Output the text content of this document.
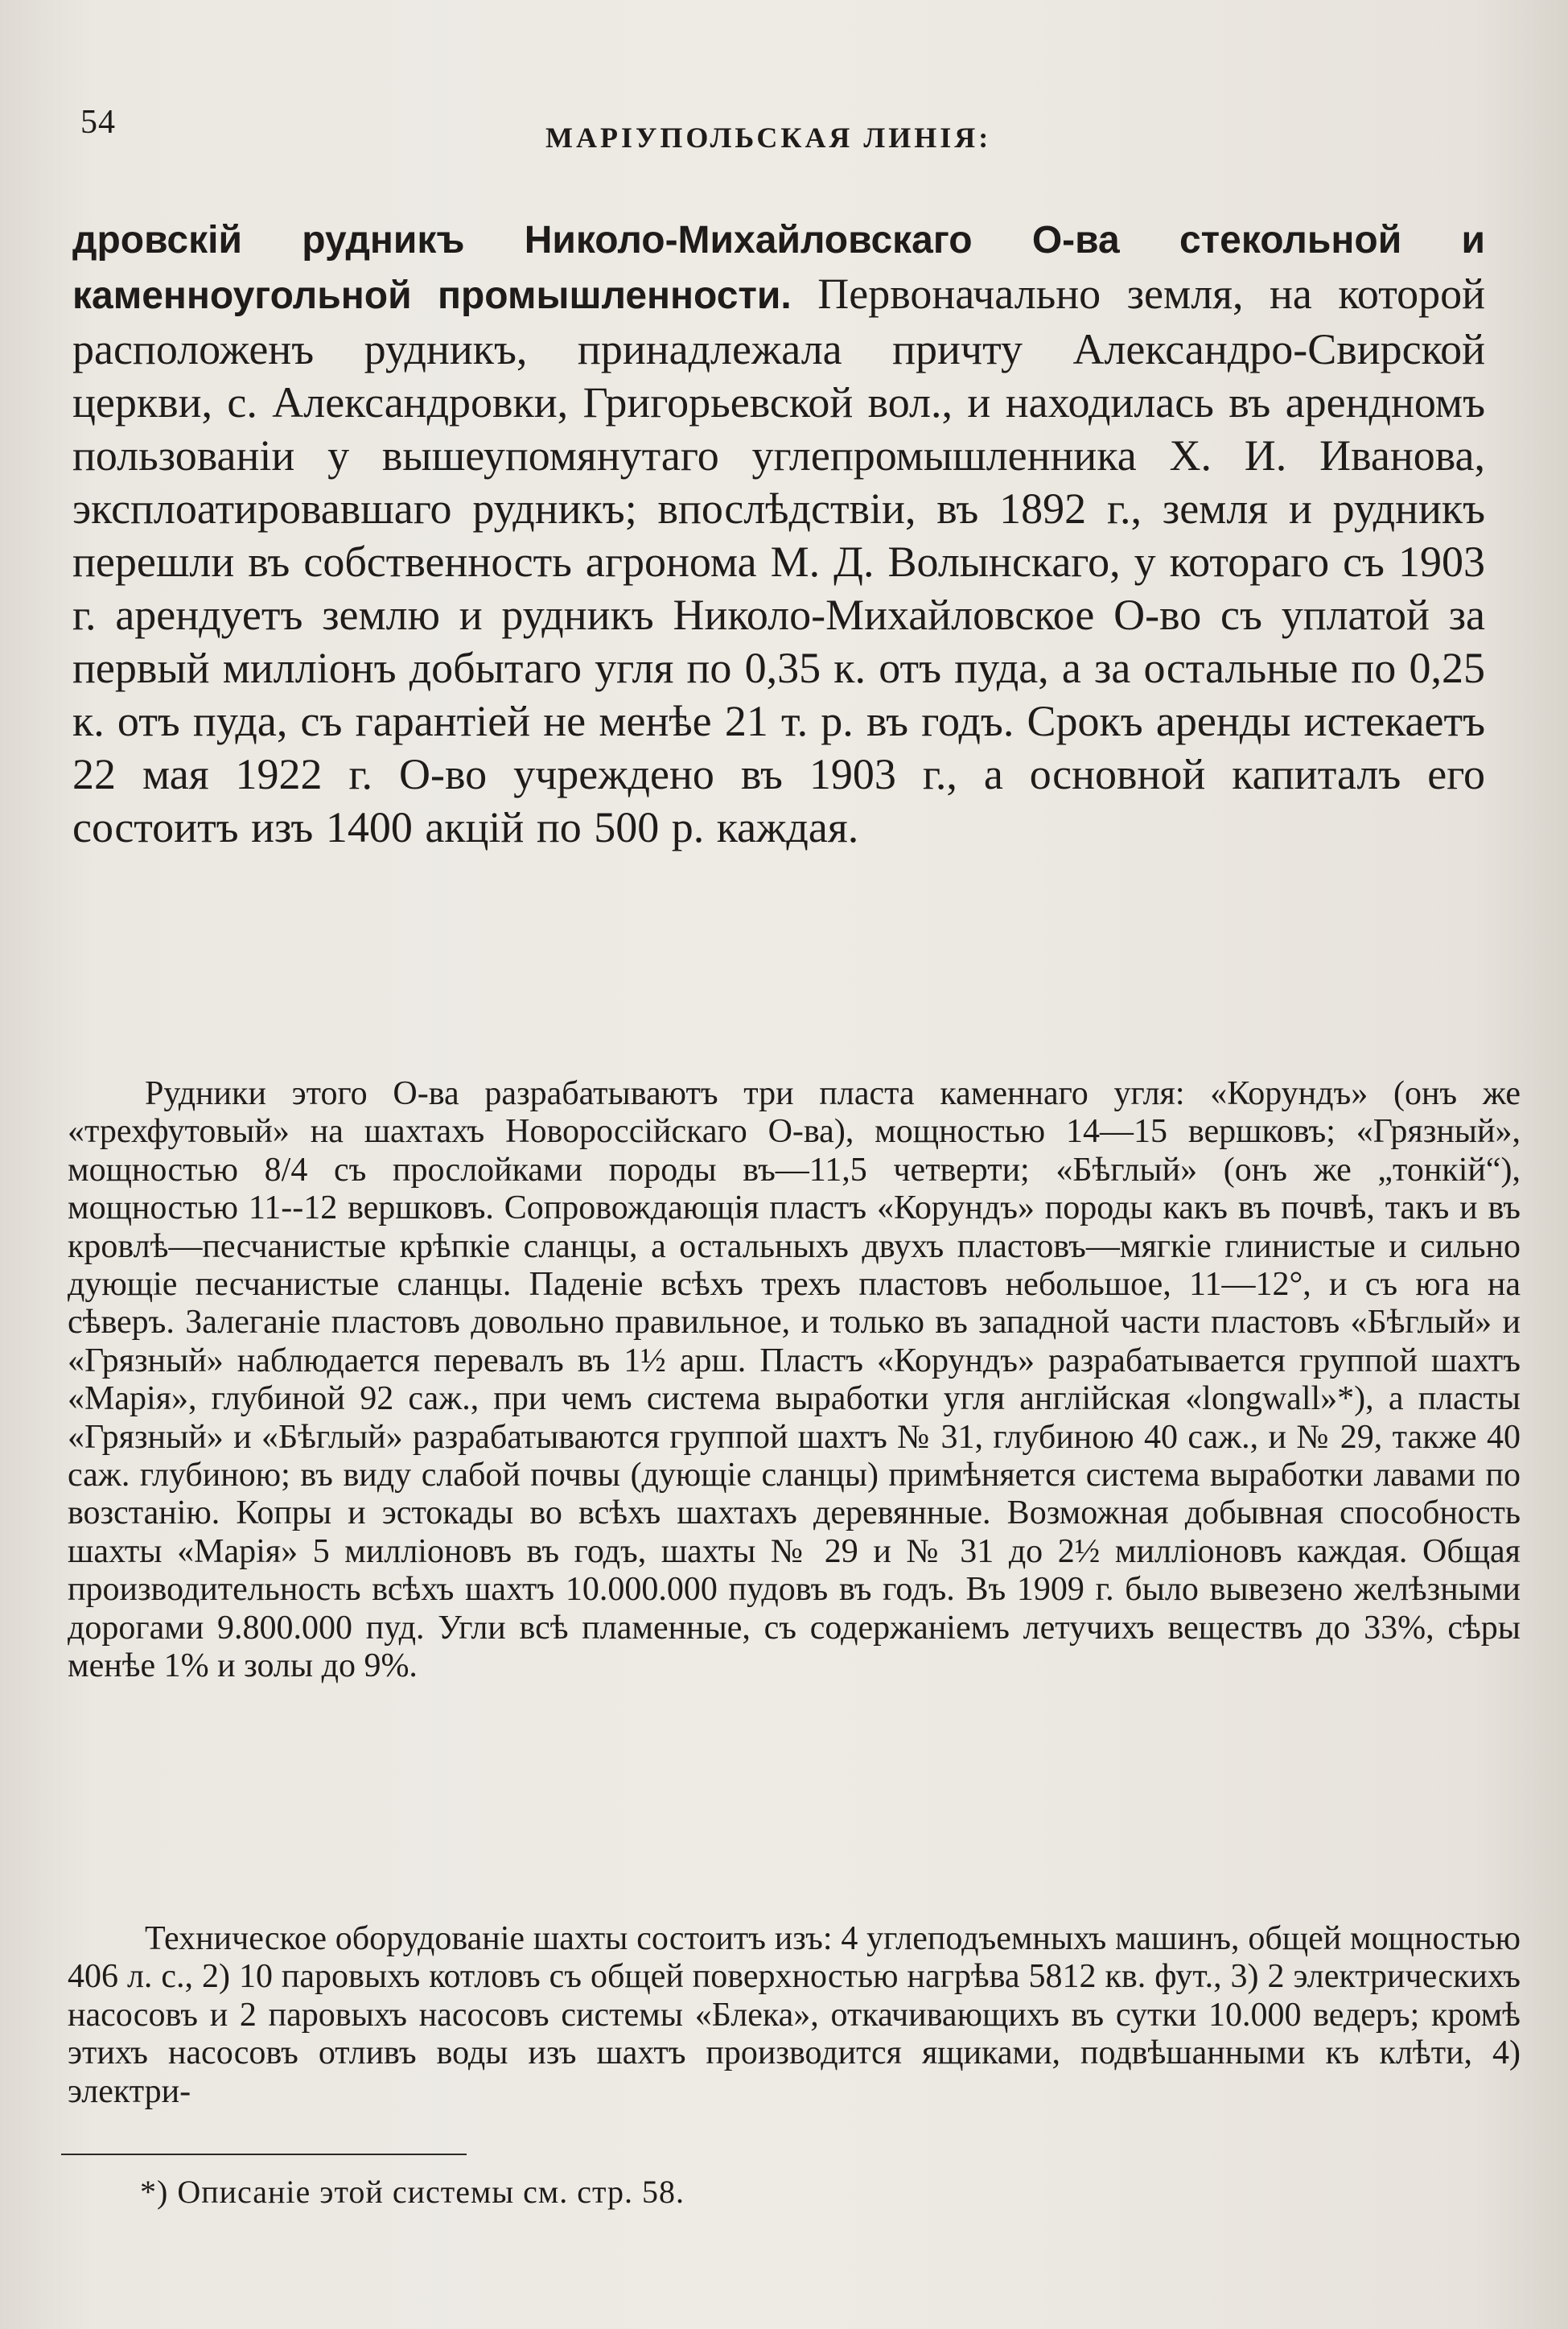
54	МАРІУПОЛЬСКАЯ ЛИНІЯ:

дровскій рудникъ Николо-Михайловскаго О-ва стекольной и каменноугольной промышленности. Первоначально земля, на которой расположенъ рудникъ, принадлежала причту Александро-Свирской церкви, с. Александровки, Григорьевской вол., и находилась въ арендномъ пользованіи у вышеупомянутаго углепромышленника X. И. Иванова, эксплоатировавшаго рудникъ; впослѣдствіи, въ 1892 г., земля и рудникъ перешли въ собственность агронома М. Д. Волынскаго, у котораго съ 1903 г. арендуетъ землю и рудникъ Николо-Михайловское О-во съ уплатой за первый милліонъ добытаго угля по 0,35 к. отъ пуда, а за остальные по 0,25 к. отъ пуда, съ гарантіей не менѣе 21 т. р. въ годъ. Срокъ аренды истекаетъ 22 мая 1922 г. О-во учреждено въ 1903 г., а основной капиталъ его состоитъ изъ 1400 акцій по 500 р. каждая.

Рудники этого О-ва разрабатываютъ три пласта каменнаго угля: «Корундъ» (онъ же «трехфутовый» на шахтахъ Новороссійскаго О-ва), мощностью 14—15 вершковъ; «Грязный», мощностью 8/4 съ прослойками породы въ—11,5 четверти; «Бѣглый» (онъ же „тонкій“), мощностью 11--12 вершковъ. Сопровождающія пластъ «Корундъ» породы какъ въ почвѣ, такъ и въ кровлѣ—песчанистые крѣпкіе сланцы, а остальныхъ двухъ пластовъ—мягкіе глинистые и сильно дующіе песчанистые сланцы. Паденіе всѣхъ трехъ пластовъ небольшое, 11—12°, и съ юга на сѣверъ. Залеганіе пластовъ довольно правильное, и только въ западной части пластовъ «Бѣглый» и «Грязный» наблюдается перевалъ въ 1½ арш. Пластъ «Корундъ» разрабатывается группой шахтъ «Марія», глубиной 92 саж., при чемъ система выработки угля англійская «longwall»*), а пласты «Грязный» и «Бѣглый» разрабатываются группой шахтъ № 31, глубиною 40 саж., и № 29, также 40 саж. глубиною; въ виду слабой почвы (дующіе сланцы) примѣняется система выработки лавами по возстанію. Копры и эстокады во всѣхъ шахтахъ деревянные. Возможная добывная способность шахты «Марія» 5 милліоновъ въ годъ, шахты № 29 и № 31 до 2½ милліоновъ каждая. Общая производительность всѣхъ шахтъ 10.000.000 пудовъ въ годъ. Въ 1909 г. было вывезено желѣзными дорогами 9.800.000 пуд. Угли всѣ пламенные, съ содержаніемъ летучихъ веществъ до 33%, сѣры менѣе 1% и золы до 9%.

Техническое оборудованіе шахты состоитъ изъ: 4 углеподъемныхъ машинъ, общей мощностью 406 л. с., 2) 10 паровыхъ котловъ съ общей поверхностью нагрѣва 5812 кв. фут., 3) 2 электрическихъ насосовъ и 2 паровыхъ насосовъ системы «Блека», откачивающихъ въ сутки 10.000 ведеръ; кромѣ этихъ насосовъ отливъ воды изъ шахтъ производится ящиками, подвѣшанными къ клѣти, 4) электри-

*) Описаніе этой системы см. стр. 58.
